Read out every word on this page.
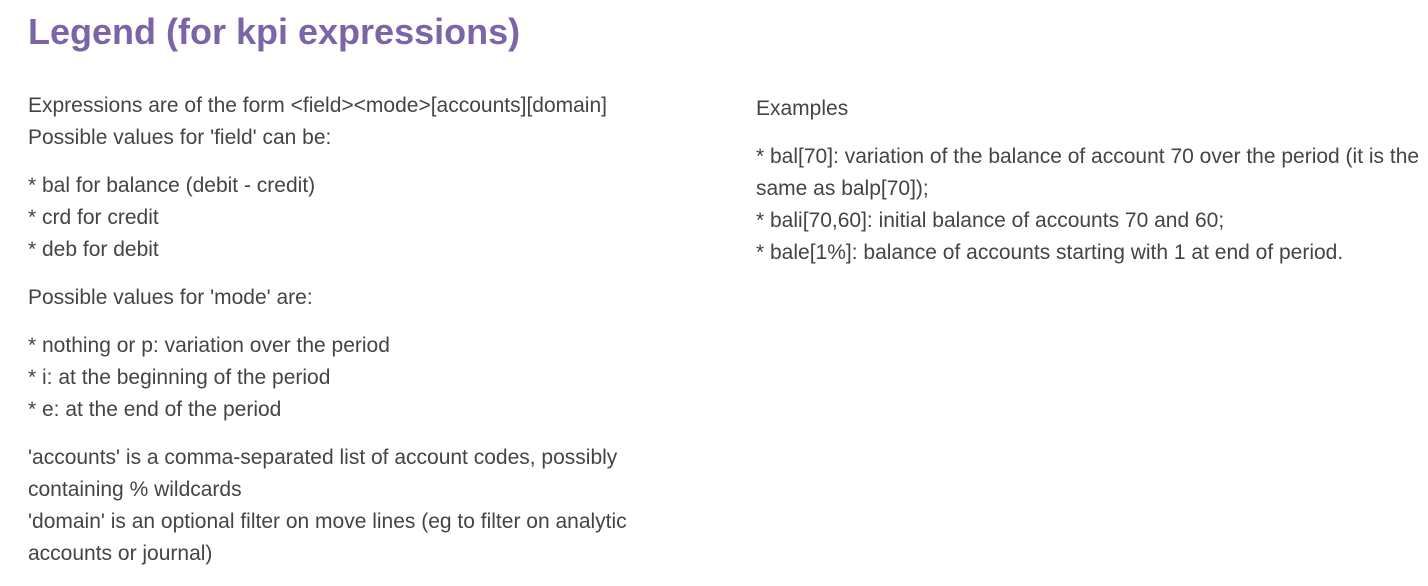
Legend (for kpi expressions)
Expressions are of the form <field><mode>[accounts][domain]
Possible values for 'field' can be:
* bal for balance (debit - credit)
* crd for credit
* deb for debit
Possible values for 'mode' are:
* nothing or p: variation over the period
* i: at the beginning of the period
* e: at the end of the period
'accounts' is a comma-separated list of account codes, possibly containing % wildcards
'domain' is an optional filter on move lines (eg to filter on analytic accounts or journal)
Examples
* bal[70]: variation of the balance of account 70 over the period (it is the same as balp[70]);
* bali[70,60]: initial balance of accounts 70 and 60;
* bale[1%]: balance of accounts starting with 1 at end of period.
